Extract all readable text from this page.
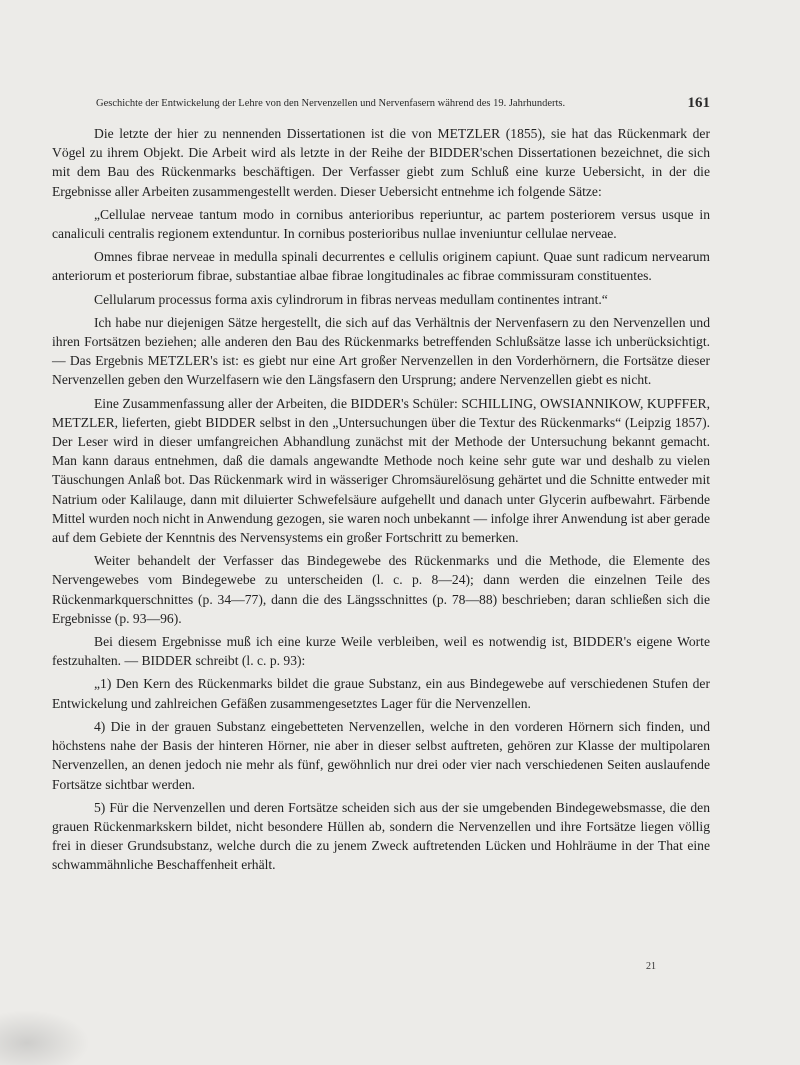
Geschichte der Entwickelung der Lehre von den Nervenzellen und Nervenfasern während des 19. Jahrhunderts.	161

Die letzte der hier zu nennenden Dissertationen ist die von METZLER (1855), sie hat das Rückenmark der Vögel zu ihrem Objekt. Die Arbeit wird als letzte in der Reihe der BIDDER'schen Dissertationen bezeichnet, die sich mit dem Bau des Rückenmarks beschäftigen. Der Verfasser giebt zum Schluß eine kurze Uebersicht, in der die Ergebnisse aller Arbeiten zusammengestellt werden. Dieser Uebersicht entnehme ich folgende Sätze:

„Cellulae nerveae tantum modo in cornibus anterioribus reperiuntur, ac partem posteriorem versus usque in canaliculi centralis regionem extenduntur. In cornibus posterioribus nullae inveniuntur cellulae nerveae.

Omnes fibrae nerveae in medulla spinali decurrentes e cellulis originem capiunt. Quae sunt radicum nervearum anteriorum et posteriorum fibrae, substantiae albae fibrae longitudinales ac fibrae commissuram constituentes.

Cellularum processus forma axis cylindrorum in fibras nerveas medullam continentes intrant.“

Ich habe nur diejenigen Sätze hergestellt, die sich auf das Verhältnis der Nervenfasern zu den Nervenzellen und ihren Fortsätzen beziehen; alle anderen den Bau des Rückenmarks betreffenden Schlußsätze lasse ich unberücksichtigt. — Das Ergebnis METZLER's ist: es giebt nur eine Art großer Nervenzellen in den Vorderhörnern, die Fortsätze dieser Nervenzellen geben den Wurzelfasern wie den Längsfasern den Ursprung; andere Nervenzellen giebt es nicht.

Eine Zusammenfassung aller der Arbeiten, die BIDDER's Schüler: SCHILLING, OWSIANNIKOW, KUPFFER, METZLER, lieferten, giebt BIDDER selbst in den „Untersuchungen über die Textur des Rückenmarks“ (Leipzig 1857). Der Leser wird in dieser umfangreichen Abhandlung zunächst mit der Methode der Untersuchung bekannt gemacht. Man kann daraus entnehmen, daß die damals angewandte Methode noch keine sehr gute war und deshalb zu vielen Täuschungen Anlaß bot. Das Rückenmark wird in wässeriger Chromsäurelösung gehärtet und die Schnitte entweder mit Natrium oder Kalilauge, dann mit diluierter Schwefelsäure aufgehellt und danach unter Glycerin aufbewahrt. Färbende Mittel wurden noch nicht in Anwendung gezogen, sie waren noch unbekannt — infolge ihrer Anwendung ist aber gerade auf dem Gebiete der Kenntnis des Nervensystems ein großer Fortschritt zu bemerken.

Weiter behandelt der Verfasser das Bindegewebe des Rückenmarks und die Methode, die Elemente des Nervengewebes vom Bindegewebe zu unterscheiden (l. c. p. 8—24); dann werden die einzelnen Teile des Rückenmarkquerschnittes (p. 34—77), dann die des Längsschnittes (p. 78—88) beschrieben; daran schließen sich die Ergebnisse (p. 93—96).

Bei diesem Ergebnisse muß ich eine kurze Weile verbleiben, weil es notwendig ist, BIDDER's eigene Worte festzuhalten. — BIDDER schreibt (l. c. p. 93):

„1) Den Kern des Rückenmarks bildet die graue Substanz, ein aus Bindegewebe auf verschiedenen Stufen der Entwickelung und zahlreichen Gefäßen zusammengesetztes Lager für die Nervenzellen.

4) Die in der grauen Substanz eingebetteten Nervenzellen, welche in den vorderen Hörnern sich finden, und höchstens nahe der Basis der hinteren Hörner, nie aber in dieser selbst auftreten, gehören zur Klasse der multipolaren Nervenzellen, an denen jedoch nie mehr als fünf, gewöhnlich nur drei oder vier nach verschiedenen Seiten auslaufende Fortsätze sichtbar werden.

5) Für die Nervenzellen und deren Fortsätze scheiden sich aus der sie umgebenden Bindegewebsmasse, die den grauen Rückenmarkskern bildet, nicht besondere Hüllen ab, sondern die Nervenzellen und ihre Fortsätze liegen völlig frei in dieser Grundsubstanz, welche durch die zu jenem Zweck auftretenden Lücken und Hohlräume in der That eine schwammähnliche Beschaffenheit erhält.

21
